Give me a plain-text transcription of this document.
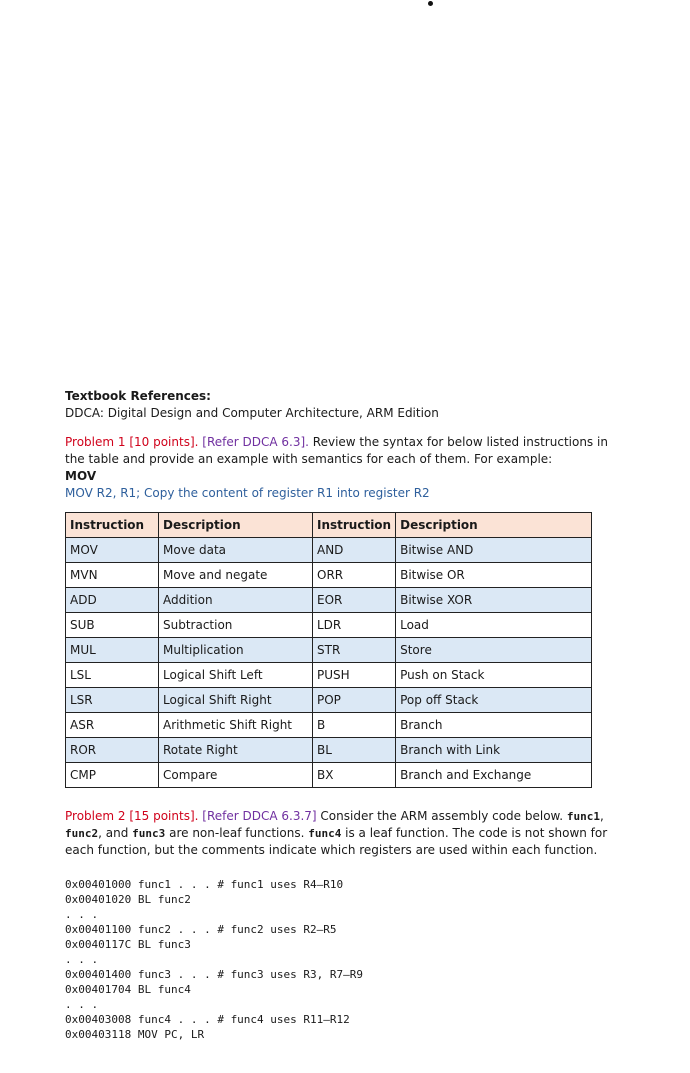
Textbook References:
DDCA: Digital Design and Computer Architecture, ARM Edition
Problem 1 [10 points]. [Refer DDCA 6.3]. Review the syntax for below listed instructions in the table and provide an example with semantics for each of them. For example:
MOV
MOV R2, R1; Copy the content of register R1 into register R2
Instruction	Description	Instruction	Description
MOV	Move data	AND	Bitwise AND
MVN	Move and negate	ORR	Bitwise OR
ADD	Addition	EOR	Bitwise XOR
SUB	Subtraction	LDR	Load
MUL	Multiplication	STR	Store
LSL	Logical Shift Left	PUSH	Push on Stack
LSR	Logical Shift Right	POP	Pop off Stack
ASR	Arithmetic Shift Right	B	Branch
ROR	Rotate Right	BL	Branch with Link
CMP	Compare	BX	Branch and Exchange
Problem 2 [15 points]. [Refer DDCA 6.3.7] Consider the ARM assembly code below. func1, func2, and func3 are non-leaf functions. func4 is a leaf function. The code is not shown for each function, but the comments indicate which registers are used within each function.
0x00401000 func1 . . . # func1 uses R4–R10
0x00401020 BL func2
. . .
0x00401100 func2 . . . # func2 uses R2–R5
0x0040117C BL func3
. . .
0x00401400 func3 . . . # func3 uses R3, R7–R9
0x00401704 BL func4
. . .
0x00403008 func4 . . . # func4 uses R11–R12
0x00403118 MOV PC, LR
